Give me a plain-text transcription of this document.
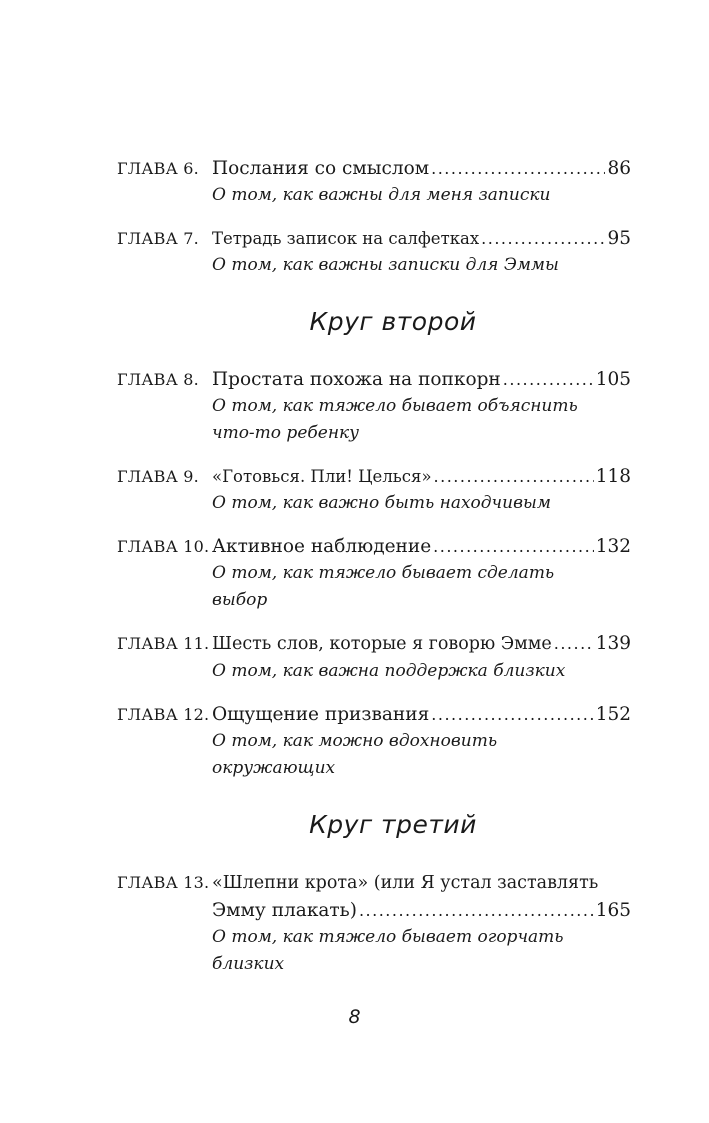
ГЛАВА 6. Послания со смыслом .....	86
О том, как важны для меня записки
ГЛАВА 7. Тетрадь записок на салфетках .....	95
О том, как важны записки для Эммы
Круг второй
ГЛАВА 8. Простата похожа на попкорн .....	105
О том, как тяжело бывает объяснить
что-то ребенку
ГЛАВА 9. «Готовься. Пли! Целься» .....	118
О том, как важно быть находчивым
ГЛАВА 10. Активное наблюдение .....	132
О том, как тяжело бывает сделать
выбор
ГЛАВА 11. Шесть слов, которые я говорю Эмме ..... 139
О том, как важна поддержка близких
ГЛАВА 12. Ощущение призвания .....	152
О том, как можно вдохновить
окружающих
Круг третий
ГЛАВА 13. «Шлепни крота» (или Я устал заставлять
Эмму плакать) .....	165
О том, как тяжело бывает огорчать
близких
8
